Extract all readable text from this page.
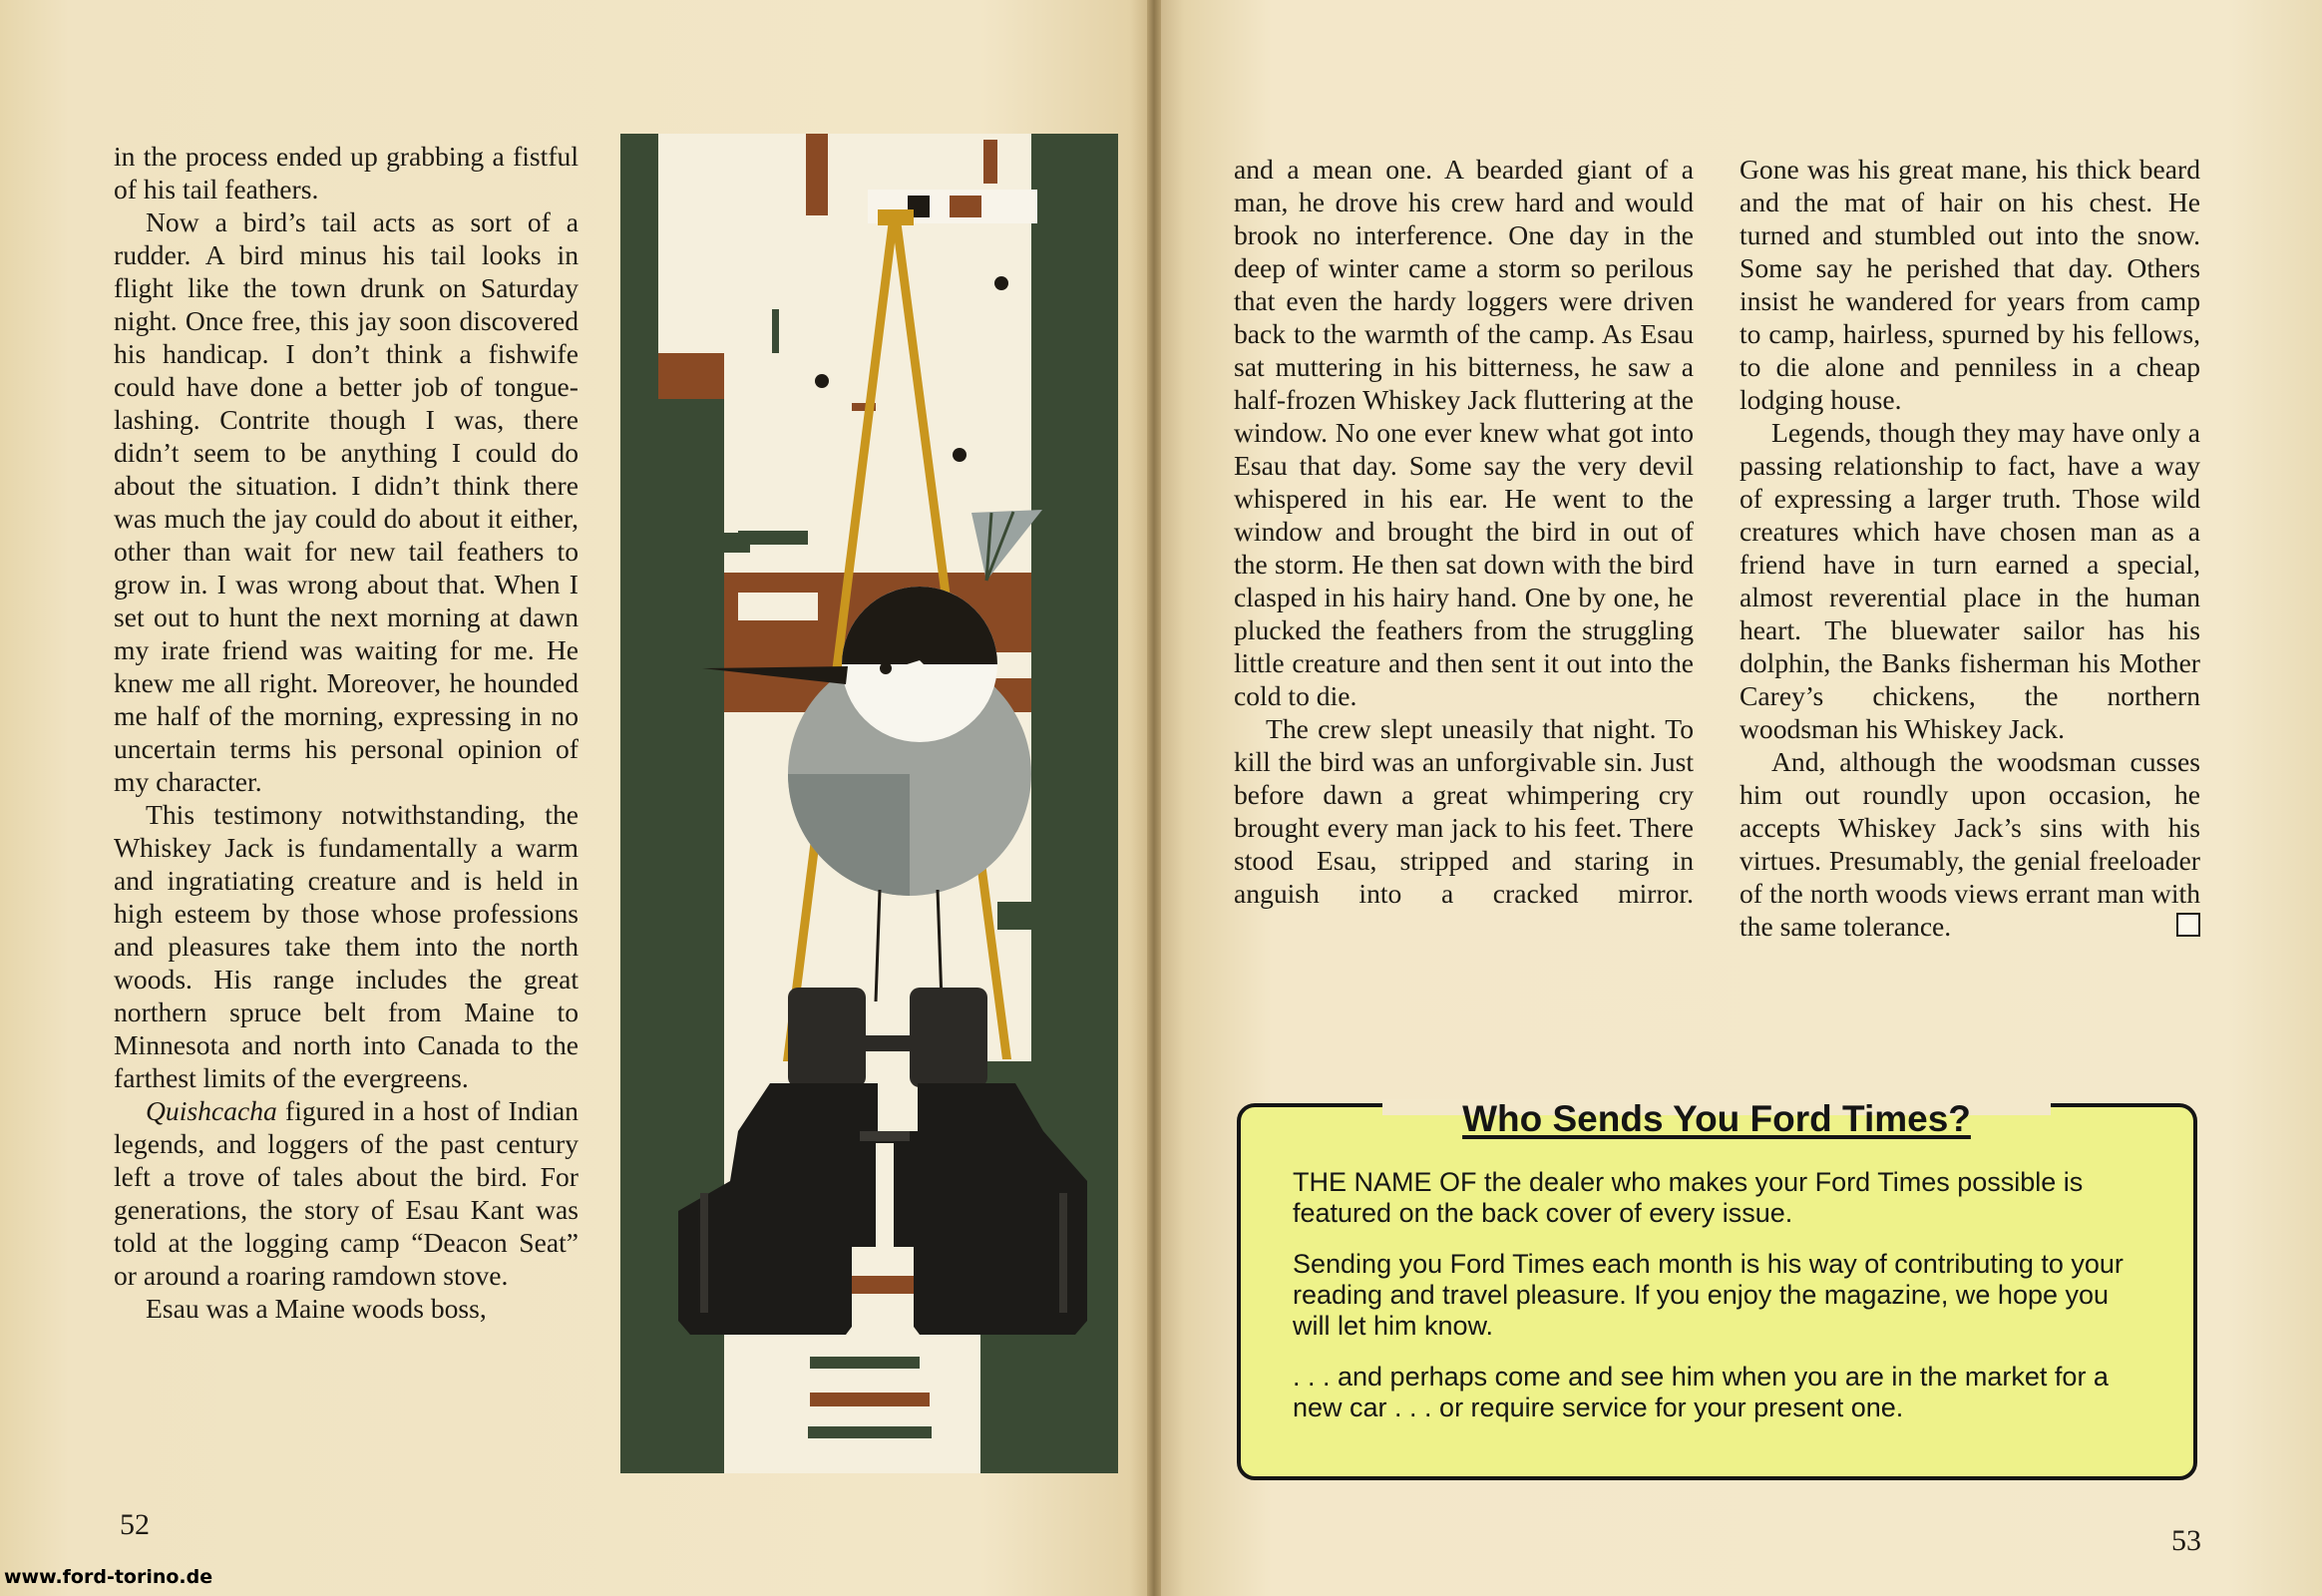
in the process ended up grabbing a fistful of his tail feathers.

Now a bird’s tail acts as sort of a rudder. A bird minus his tail looks in flight like the town drunk on Saturday night. Once free, this jay soon discovered his handicap. I don’t think a fishwife could have done a better job of tongue-lashing. Contrite though I was, there didn’t seem to be anything I could do about the situation. I didn’t think there was much the jay could do about it either, other than wait for new tail feathers to grow in. I was wrong about that. When I set out to hunt the next morning at dawn my irate friend was waiting for me. He knew me all right. Moreover, he hounded me half of the morning, expressing in no uncertain terms his personal opinion of my character.

This testimony notwithstanding, the Whiskey Jack is fundamentally a warm and ingratiating creature and is held in high esteem by those whose professions and pleasures take them into the north woods. His range includes the great northern spruce belt from Maine to Minnesota and north into Canada to the farthest limits of the evergreens.

Quishcacha figured in a host of Indian legends, and loggers of the past century left a trove of tales about the bird. For generations, the story of Esau Kant was told at the logging camp “Deacon Seat” or around a roaring ramdown stove.

Esau was a Maine woods boss,

52
www.ford-torino.de

and a mean one. A bearded giant of a man, he drove his crew hard and would brook no interference. One day in the deep of winter came a storm so perilous that even the hardy loggers were driven back to the warmth of the camp. As Esau sat muttering in his bitterness, he saw a half-frozen Whiskey Jack fluttering at the window. No one ever knew what got into Esau that day. Some say the very devil whispered in his ear. He went to the window and brought the bird in out of the storm. He then sat down with the bird clasped in his hairy hand. One by one, he plucked the feathers from the struggling little creature and then sent it out into the cold to die.

The crew slept uneasily that night. To kill the bird was an unforgivable sin. Just before dawn a great whimpering cry brought every man jack to his feet. There stood Esau, stripped and staring in anguish into a cracked mirror.

Gone was his great mane, his thick beard and the mat of hair on his chest. He turned and stumbled out into the snow. Some say he perished that day. Others insist he wandered for years from camp to camp, hairless, spurned by his fellows, to die alone and penniless in a cheap lodging house.

Legends, though they may have only a passing relationship to fact, have a way of expressing a larger truth. Those wild creatures which have chosen man as a friend have in turn earned a special, almost reverential place in the human heart. The bluewater sailor has his dolphin, the Banks fisherman his Mother Carey’s chickens, the northern woodsman his Whiskey Jack.

And, although the woodsman cusses him out roundly upon occasion, he accepts Whiskey Jack’s sins with his virtues. Presumably, the genial freeloader of the north woods views errant man with the same tolerance.

Who Sends You Ford Times?

THE NAME OF the dealer who makes your Ford Times possible is featured on the back cover of every issue.

Sending you Ford Times each month is his way of contributing to your reading and travel pleasure. If you enjoy the magazine, we hope you will let him know.

. . . and perhaps come and see him when you are in the market for a new car . . . or require service for your present one.

53
